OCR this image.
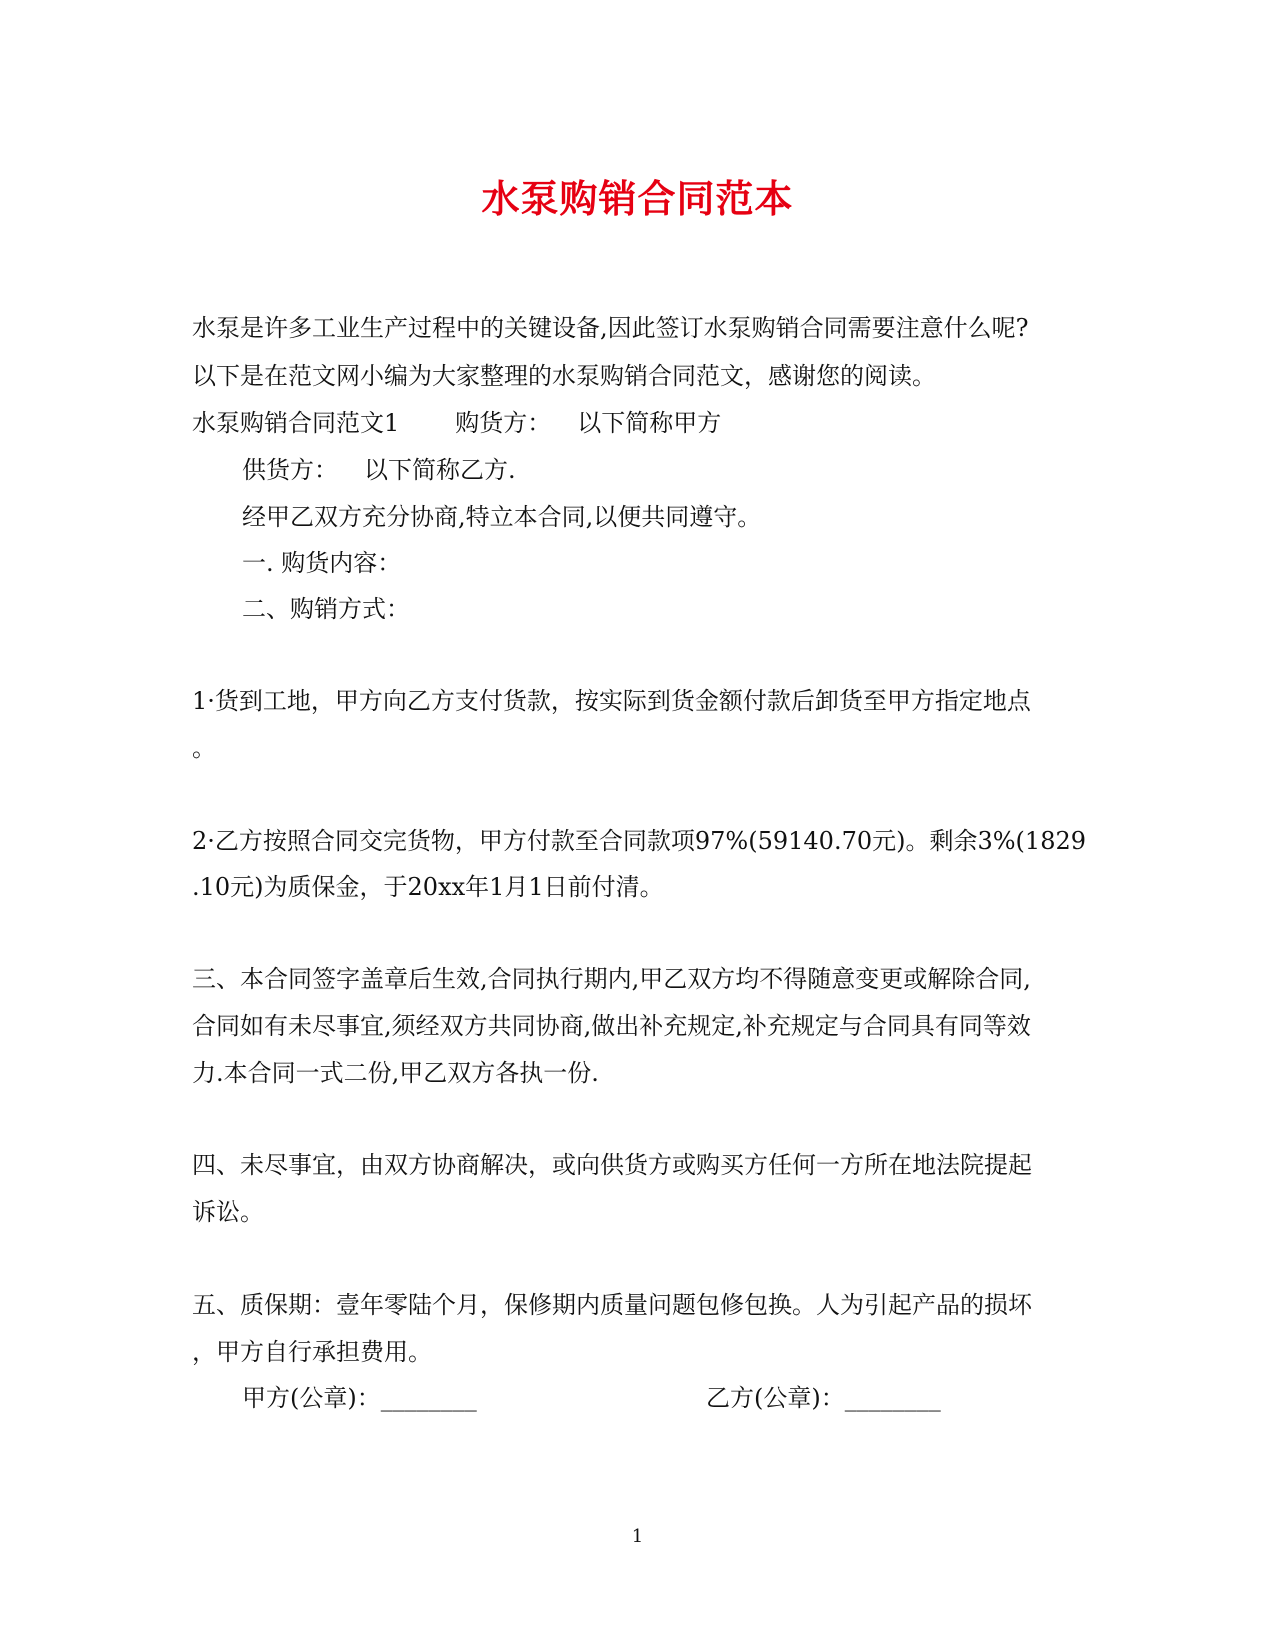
水泵购销合同范本
水泵是许多工业生产过程中的关键设备,因此签订水泵购销合同需要注意什么呢?
以下是在范文网小编为大家整理的水泵购销合同范文，感谢您的阅读。
水泵购销合同范文1 购货方： 以下简称甲方
供货方： 以下简称乙方.
经甲乙双方充分协商,特立本合同,以便共同遵守。
一. 购货内容：
二、购销方式：
1·货到工地，甲方向乙方支付货款，按实际到货金额付款后卸货至甲方指定地点
。
2·乙方按照合同交完货物，甲方付款至合同款项97%(59140.70元)。剩余3%(1829
.10元)为质保金，于20xx年1月1日前付清。
三、本合同签字盖章后生效,合同执行期内,甲乙双方均不得随意变更或解除合同,
合同如有未尽事宜,须经双方共同协商,做出补充规定,补充规定与合同具有同等效
力.本合同一式二份,甲乙双方各执一份.
四、未尽事宜，由双方协商解决，或向供货方或购买方任何一方所在地法院提起
诉讼。
五、质保期：壹年零陆个月，保修期内质量问题包修包换。人为引起产品的损坏
，甲方自行承担费用。
甲方(公章)：________	乙方(公章)：________
1
